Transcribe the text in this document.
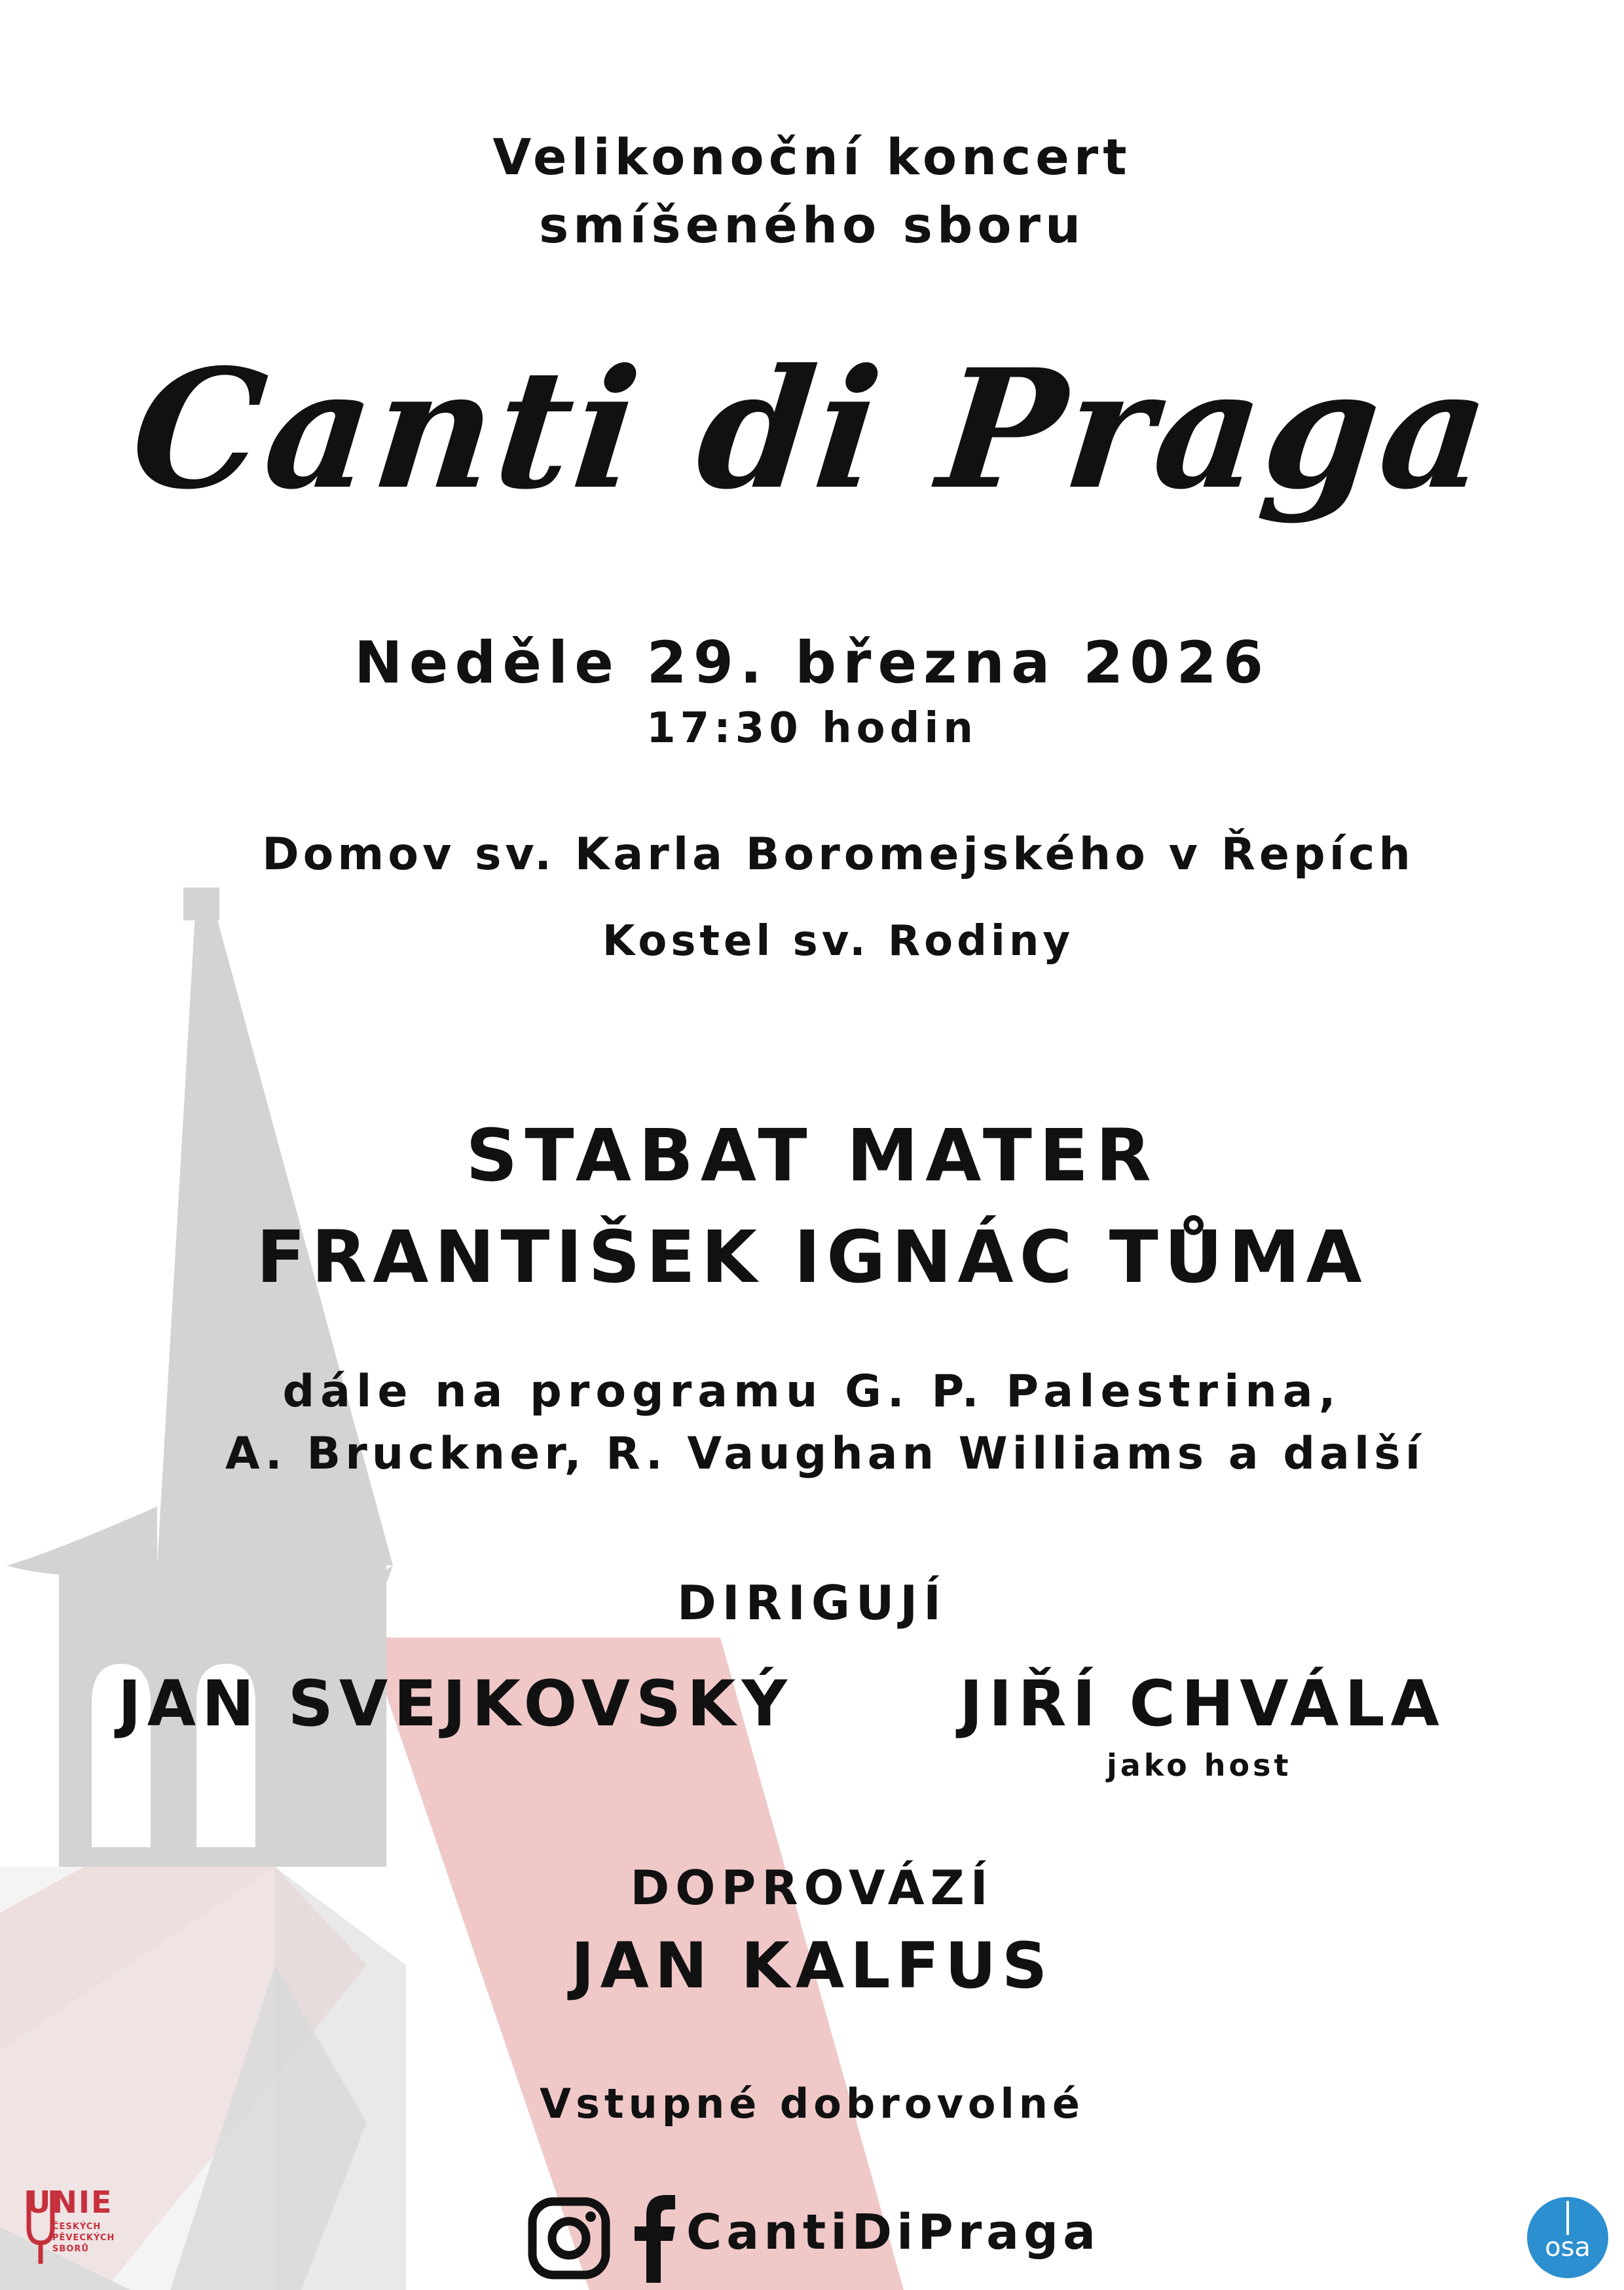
Velikonoční koncert
smíšeného sboru
Canti di Praga
Neděle 29. března 2026
17:30 hodin
Domov sv. Karla Boromejského v Řepích
Kostel sv. Rodiny
STABAT MATER
FRANTIŠEK IGNÁC TŮMA
dále na programu G. P. Palestrina,
A. Bruckner, R. Vaughan Williams a další
DIRIGUJÍ
JAN SVEJKOVSKÝ	JIŘÍ CHVÁLA
jako host
DOPROVÁZÍ
JAN KALFUS
Vstupné dobrovolné
CantiDiPraga
UNIE
ČESKÝCH
PĚVECKÝCH
SBORŮ	osa
